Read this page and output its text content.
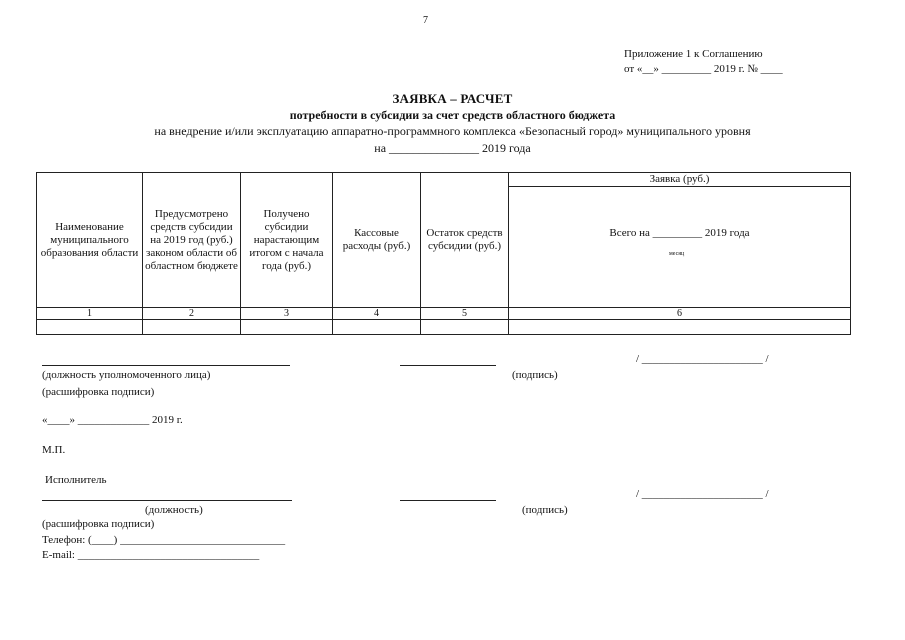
7
Приложение 1 к Соглашению
от «__» _________ 2019 г. № ____
ЗАЯВКА – РАСЧЕТ
потребности в субсидии за счет средств областного бюджета
на внедрение и/или эксплуатацию аппаратно-программного комплекса «Безопасный город» муниципального уровня
на _______________ 2019 года
Наименование муниципального образования области	Предусмотрено средств субсидии на 2019 год (руб.) законом области об областном бюджете	Получено субсидии нарастающим итогом с начала года (руб.)	Кассовые расходы (руб.)	Остаток средств субсидии (руб.)	Заявка (руб.)
					Всего на _________ 2019 года
месяц

1	2	3	4	5	6

/ ______________________ /
(должность уполномоченного лица)	(подпись)
(расшифровка подписи)
«____» _____________ 2019 г.
М.П.
Исполнитель
/ ______________________ /
(должность)	(подпись)
(расшифровка подписи)
Телефон: (____) ______________________________
E-mail: _________________________________
